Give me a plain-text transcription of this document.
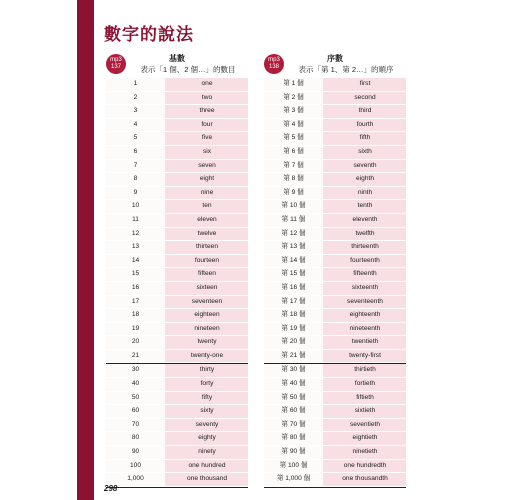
數字的說法
基數
mp3
137	表示「1 個、2 個…」的數目
1	one
2	two
3	three
4	four
5	five
6	six
7	seven
8	eight
9	nine
10	ten
11	eleven
12	twelve
13	thirteen
14	fourteen
15	fifteen
16	sixteen
17	seventeen
18	eighteen
19	nineteen
20	twenty
21	twenty-one
30	thirty
40	forty
50	fifty
60	sixty
70	seventy
80	eighty
90	ninety
100	one hundred
1,000	one thousand
序數
mp3
138	表示「第 1、第 2…」的順序
第 1 個	first
第 2 個	second
第 3 個	third
第 4 個	fourth
第 5 個	fifth
第 6 個	sixth
第 7 個	seventh
第 8 個	eighth
第 9 個	ninth
第 10 個	tenth
第 11 個	eleventh
第 12 個	twelfth
第 13 個	thirteenth
第 14 個	fourteenth
第 15 個	fifteenth
第 16 個	sixteenth
第 17 個	seventeenth
第 18 個	eighteenth
第 19 個	nineteenth
第 20 個	twentieth
第 21 個	twenty-first
第 30 個	thirtieth
第 40 個	fortieth
第 50 個	fiftieth
第 60 個	sixtieth
第 70 個	seventieth
第 80 個	eightieth
第 90 個	ninetieth
第 100 個	one hundredth
第 1,000 個	one thousandth
298
